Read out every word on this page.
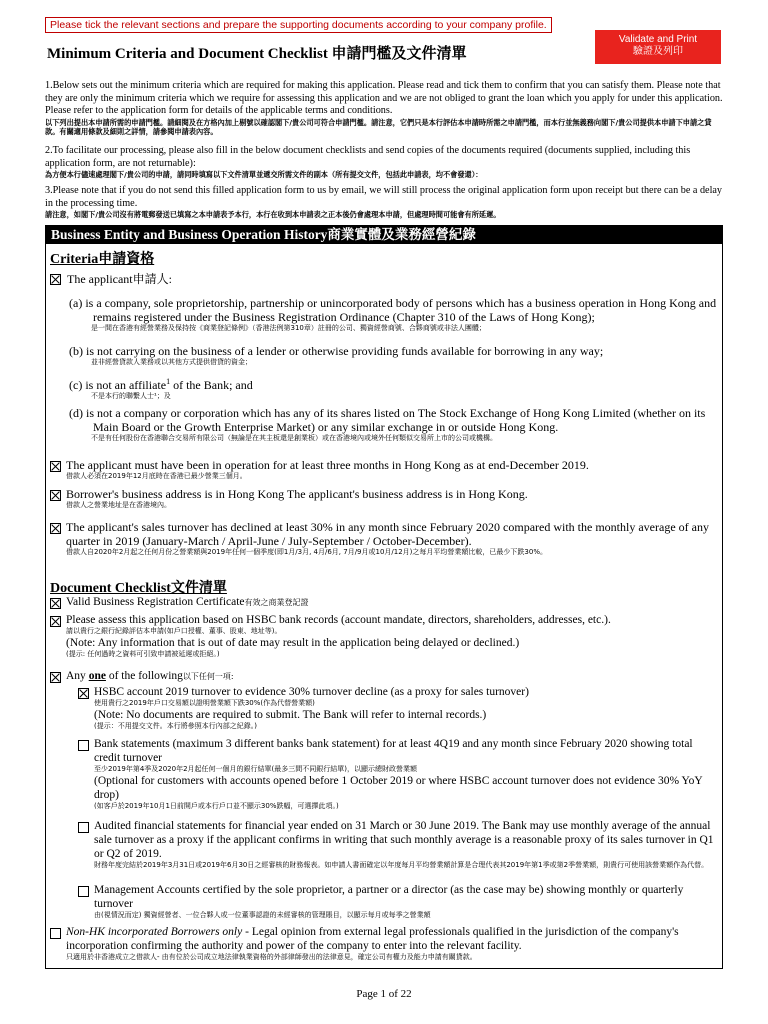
Please tick the relevant sections and prepare the supporting documents according to your company profile.
Validate and Print
驗證及列印
Minimum Criteria and Document Checklist 申請門檻及文件清單
1.Below sets out the minimum criteria which are required for making this application. Please read and tick them to confirm that you can satisfy them. Please note that they are only the minimum criteria which we require for assessing this application and we are not obliged to grant the loan which you apply for under this application. Please refer to the application form for details of the applicable terms and conditions.
以下列出提出本申請所需的申請門檻。請細閱及在方格內加上剔號以確認閣下/貴公司可符合申請門檻。請注意，它們只是本行評估本申請時所需之申請門檻，而本行並無義務向閣下/貴公司提供本申請下申請之貸款。有關適用條款及細則之詳情，請參閱申請表內容。
2.To facilitate our processing, please also fill in the below document checklists and send copies of the documents required (documents supplied, including this application form, are not returnable):
為方便本行儘速處理閣下/貴公司的申請，請同時填寫以下文件清單並遞交所需文件的副本（所有提交文件，包括此申請表，均不會發還）：
3.Please note that if you do not send this filled application form to us by email, we will still process the original application form upon receipt but there can be a delay in the processing time.
請注意，如閣下/貴公司沒有將電郵發送已填寫之本申請表予本行，本行在收到本申請表之正本後仍會處理本申請，但處理時間可能會有所延遲。
Business Entity and Business Operation History商業實體及業務經營紀錄
Criteria申請資格
The applicant申請人:
(a) is a company, sole proprietorship, partnership or unincorporated body of persons which has a business operation in Hong Kong and remains registered under the Business Registration Ordinance (Chapter 310 of the Laws of Hong Kong);
是一間在香港有經營業務及保持按《商業登記條例》（香港法例第310章）註冊的公司、獨資經營商號、合夥商號或非法人團體；
(b) is not carrying on the business of a lender or otherwise providing funds available for borrowing in any way;
並非經營貸款人業務或以其他方式提供借貸的資金；
(c) is not an affiliate$^1$ of the Bank; and
不是本行的聯繫人士¹；及
(d) is not a company or corporation which has any of its shares listed on The Stock Exchange of Hong Kong Limited (whether on its Main Board or the Growth Enterprise Market) or any similar exchange in or outside Hong Kong.
不是有任何股份在香港聯合交易所有限公司（無論是在其主板還是創業板）或在香港境內或境外任何類似交易所上市的公司或機構。
The applicant must have been in operation for at least three months in Hong Kong as at end-December 2019.
借款人必須在2019年12月底時在香港已最少營業三個月。
Borrower's business address is in Hong Kong The applicant's business address is in Hong Kong.
借款人之營業地址是在香港境內。
The applicant's sales turnover has declined at least 30% in any month since February 2020 compared with the monthly average of any quarter in 2019 (January-March / April-June / July-September / October-December).
借款人自2020年2月起之任何月份之營業額與2019年任何一個季度(即1月/3月, 4月/6月, 7月/9月或10月/12月)之每月平均營業額比較，已最少下跌30%。
Document Checklist文件清單
Valid Business Registration Certificate有效之商業登記證
Please assess this application based on HSBC bank records (account mandate, directors, shareholders, addresses, etc.).
請以貴行之銀行紀錄評估本申請(如戶口授權、董事、股東、地址等)。
(Note: Any information that is out of date may result in the application being delayed or declined.)
(提示: 任何過時之資料可引致申請被延遲或拒絕。)
Any one of the following以下任何一項:
HSBC account 2019 turnover to evidence 30% turnover decline (as a proxy for sales turnover)
使用貴行之2019年戶口交易額以證明營業額下跌30%(作為代替營業額)
(Note: No documents are required to submit. The Bank will refer to internal records.)
(提示：不用提交文件。本行將參照本行內部之紀錄。)
Bank statements (maximum 3 different banks bank statement) for at least 4Q19 and any month since February 2020 showing total credit turnover
至少2019年第4季及2020年2月起任何一個月的銀行結單(最多三間不同銀行結單)，以顯示總財政營業額
(Optional for customers with accounts opened before 1 October 2019 or where HSBC account turnover does not evidence 30% YoY drop)
(如客戶於2019年10月1日前開戶或本行戶口並不顯示30%跌幅，可選擇此項。)
Audited financial statements for financial year ended on 31 March or 30 June 2019. The Bank may use monthly average of the annual sale turnover as a proxy if the applicant confirms in writing that such monthly average is a reasonable proxy of its sales turnover in Q1 or Q2 of 2019.
財務年度完結於2019年3月31日或2019年6月30日之經審核的財務報表。如申請人書面確定以年度每月平均營業額計算是合理代表其2019年第1季或第2季營業額，則貴行可使用該營業額作為代替。
Management Accounts certified by the sole proprietor, a partner or a director (as the case may be) showing monthly or quarterly turnover
由(視情況而定) 獨資經營者、一位合夥人或一位董事認證的未經審核的管理賬目，以顯示每月或每季之營業額
Non-HK incorporated Borrowers only - Legal opinion from external legal professionals qualified in the jurisdiction of the company's incorporation confirming the authority and power of the company to enter into the relevant facility.
只適用於非香港成立之借款人- 由有位於公司成立地法律執業資格的外部律師發出的法律意見，確定公司有權力及能力申請有關貸款。
Page 1 of 22
